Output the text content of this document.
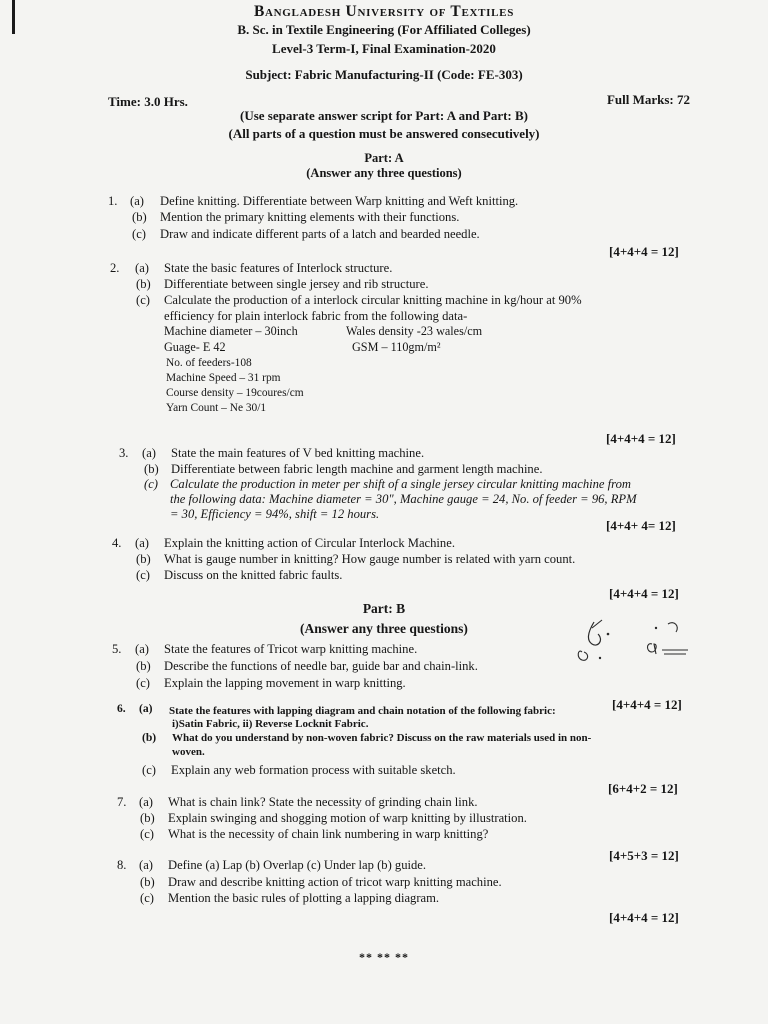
Bangladesh University of Textiles
B. Sc. in Textile Engineering (For Affiliated Colleges)
Level-3 Term-I, Final Examination-2020
Subject: Fabric Manufacturing-II (Code: FE-303)
Time: 3.0 Hrs.	Full Marks: 72
(Use separate answer script for Part: A and Part: B)
(All parts of a question must be answered consecutively)
Part: A
(Answer any three questions)
1. (a) Define knitting. Differentiate between Warp knitting and Weft knitting.
(b) Mention the primary knitting elements with their functions.
(c) Draw and indicate different parts of a latch and bearded needle.
[4+4+4 = 12]
2. (a) State the basic features of Interlock structure.
(b) Differentiate between single jersey and rib structure.
(c) Calculate the production of a interlock circular knitting machine in kg/hour at 90%
efficiency for plain interlock fabric from the following data-
Machine diameter – 30inch	Wales density -23 wales/cm
Guage- E 42	GSM – 110gm/m²
No. of feeders-108
Machine Speed – 31 rpm
Course density – 19coures/cm
Yarn Count – Ne 30/1
[4+4+4 = 12]
3. (a) State the main features of V bed knitting machine.
(b) Differentiate between fabric length machine and garment length machine.
(c) Calculate the production in meter per shift of a single jersey circular knitting machine from
the following data: Machine diameter = 30", Machine gauge = 24, No. of feeder = 96, RPM
= 30, Efficiency = 94%, shift = 12 hours.
[4+4+ 4= 12]
4. (a) Explain the knitting action of Circular Interlock Machine.
(b) What is gauge number in knitting? How gauge number is related with yarn count.
(c) Discuss on the knitted fabric faults.
[4+4+4 = 12]
Part: B
(Answer any three questions)
5. (a) State the features of Tricot warp knitting machine.
(b) Describe the functions of needle bar, guide bar and chain-link.
(c) Explain the lapping movement in warp knitting.
[4+4+4 = 12]
6. (a) State the features with lapping diagram and chain notation of the following fabric:
i)Satin Fabric, ii) Reverse Locknit Fabric.
(b) What do you understand by non-woven fabric? Discuss on the raw materials used in non-
woven.
(c) Explain any web formation process with suitable sketch.
[6+4+2 = 12]
7. (a) What is chain link? State the necessity of grinding chain link.
(b) Explain swinging and shogging motion of warp knitting by illustration.
(c) What is the necessity of chain link numbering in warp knitting?
[4+5+3 = 12]
8. (a) Define (a) Lap (b) Overlap (c) Under lap (b) guide.
(b) Draw and describe knitting action of tricot warp knitting machine.
(c) Mention the basic rules of plotting a lapping diagram.
[4+4+4 = 12]
** ** **
